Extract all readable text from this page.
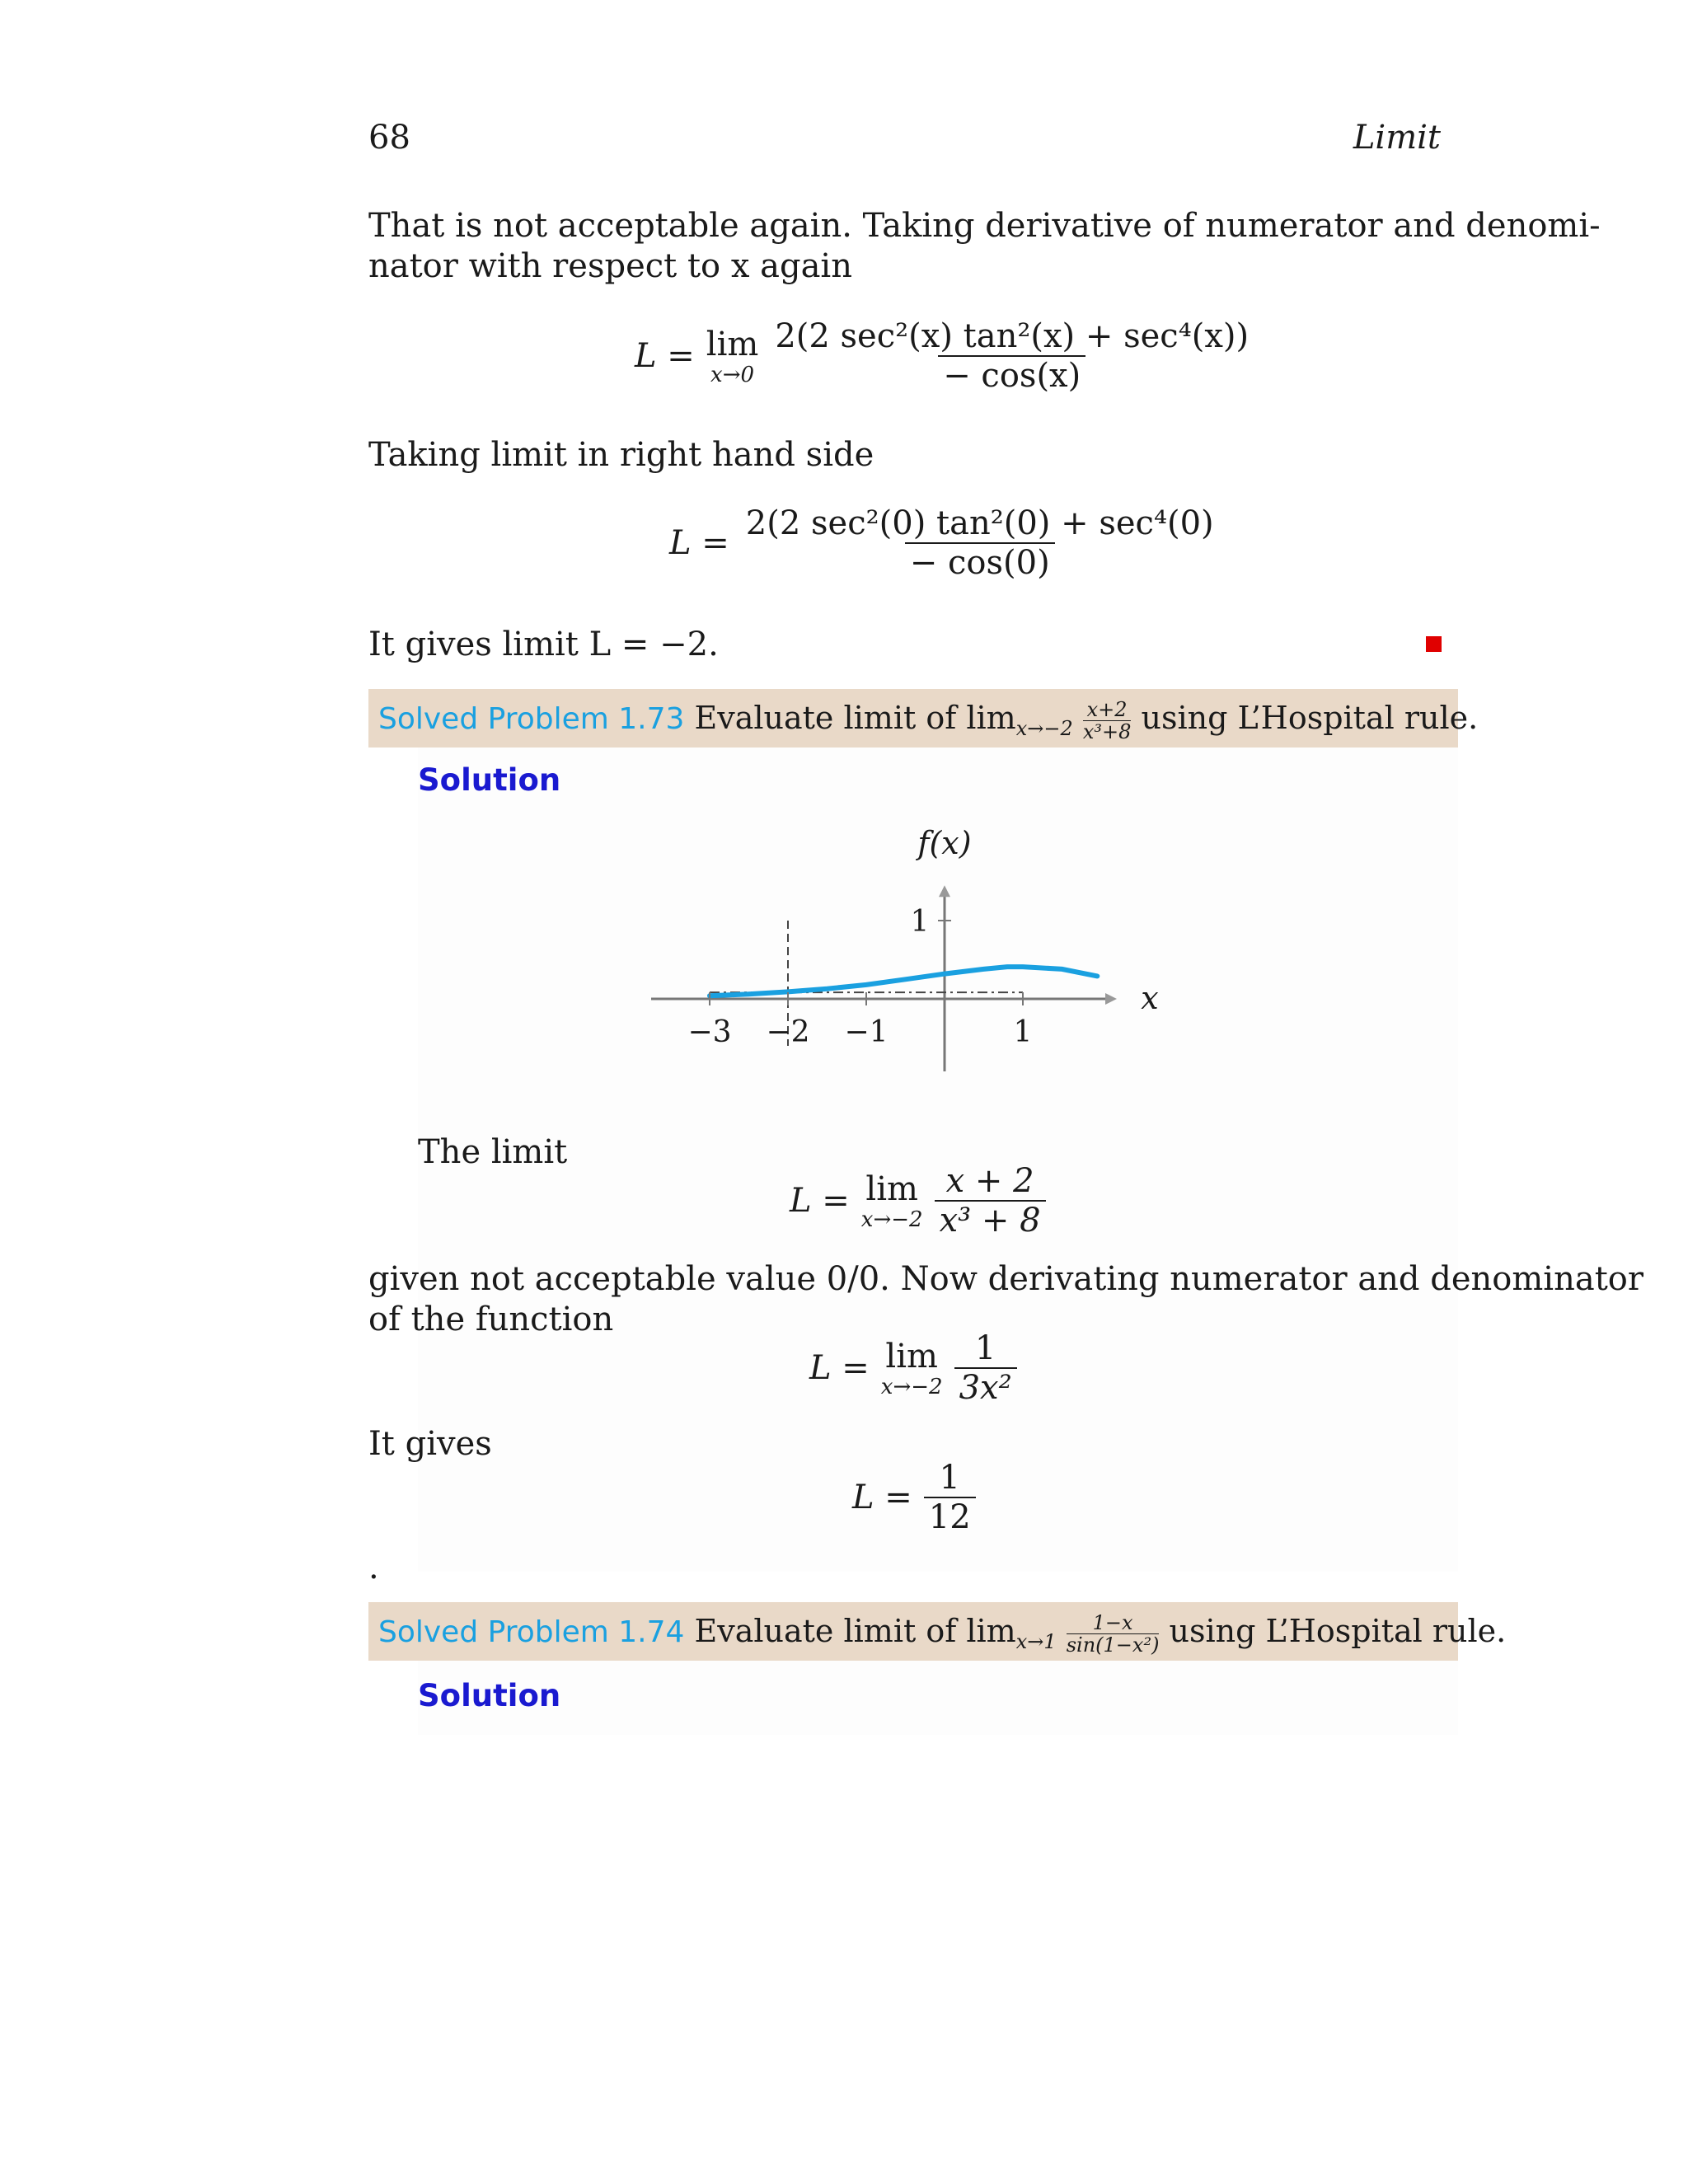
68	Limit
That is not acceptable again. Taking derivative of numerator and denomi-
nator with respect to x again
L = lim
$x\to 0 \frac{\text{2(2 sec²(x) tan²(x) + sec⁴(x))}}{- \cos(x)}$
Taking limit in right hand side
$L = \frac{\text{2(2 sec²(0) tan²(0) + sec⁴(0)}}{- \cos(0)}$
It gives limit L = −2.
Solved Problem 1.73 Evaluate limit of $\lim_{x\to-2} \frac{x+2}{\text{x³+8}}$ using L’Hospital rule.
Solution
−3 −2 −1	1
1
f(x)
x
The limit
L = lim
$x\to-2 \frac{x + 2}{\text{x³ + 8}}$
given not acceptable value 0/0. Now derivating numerator and denominator
of the function
L = lim
$x\to-2 \frac{1}{\text{3x²}}$
It gives
$L = \frac{1}{12}$
.
Solved Problem 1.74 Evaluate limit of $\lim_{x\to 1} \frac{1-x}{\text{sin(1−x²)}}$ using L’Hospital rule.
Solution
